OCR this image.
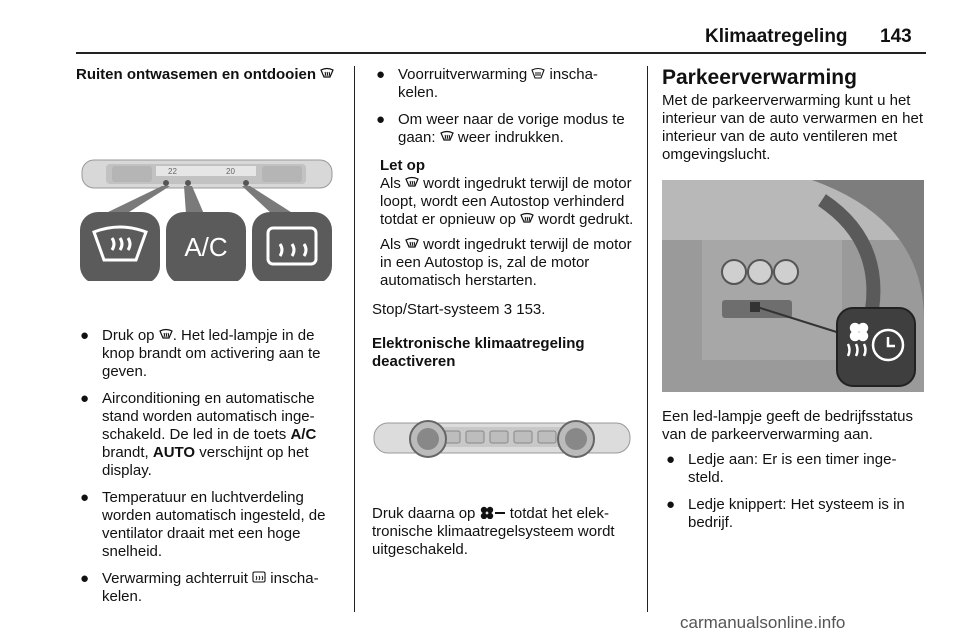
Klimaatregeling 143

Ruiten ontwasemen en ontdooien

22	20
A/C
● Druk op . Het led-lampje in de knop brandt om activering aan te geven.
● Airconditioning en automatische stand worden automatisch inge- schakeld. De led in de toets A/C brandt, AUTO verschijnt op het display.
● Temperatuur en luchtverdeling worden automatisch ingesteld, de ventilator draait met een hoge snelheid.
● Verwarming achterruit  inscha- kelen.
● Voorruitverwarming  inscha- kelen.
● Om weer naar de vorige modus te gaan:  weer indrukken.

Let op

Als  wordt ingedrukt terwijl de motor loopt, wordt een Autostop verhinderd totdat er opnieuw op  wordt gedrukt.

Als  wordt ingedrukt terwijl de motor in een Autostop is, zal de motor automatisch herstarten.

Stop/Start-systeem 3 153.

Elektronische klimaatregeling deactiveren

Druk daarna op  totdat het elek- tronische klimaatregelsysteem wordt uitgeschakeld.

Parkeerverwarming

Met de parkeerverwarming kunt u het interieur van de auto verwarmen en het interieur van de auto ventileren met omgevingslucht.

Een led-lampje geeft de bedrijfsstatus van de parkeerverwarming aan.

● Ledje aan: Er is een timer inge- steld.
● Ledje knippert: Het systeem is in bedrijf.
carmanualsonline.info
